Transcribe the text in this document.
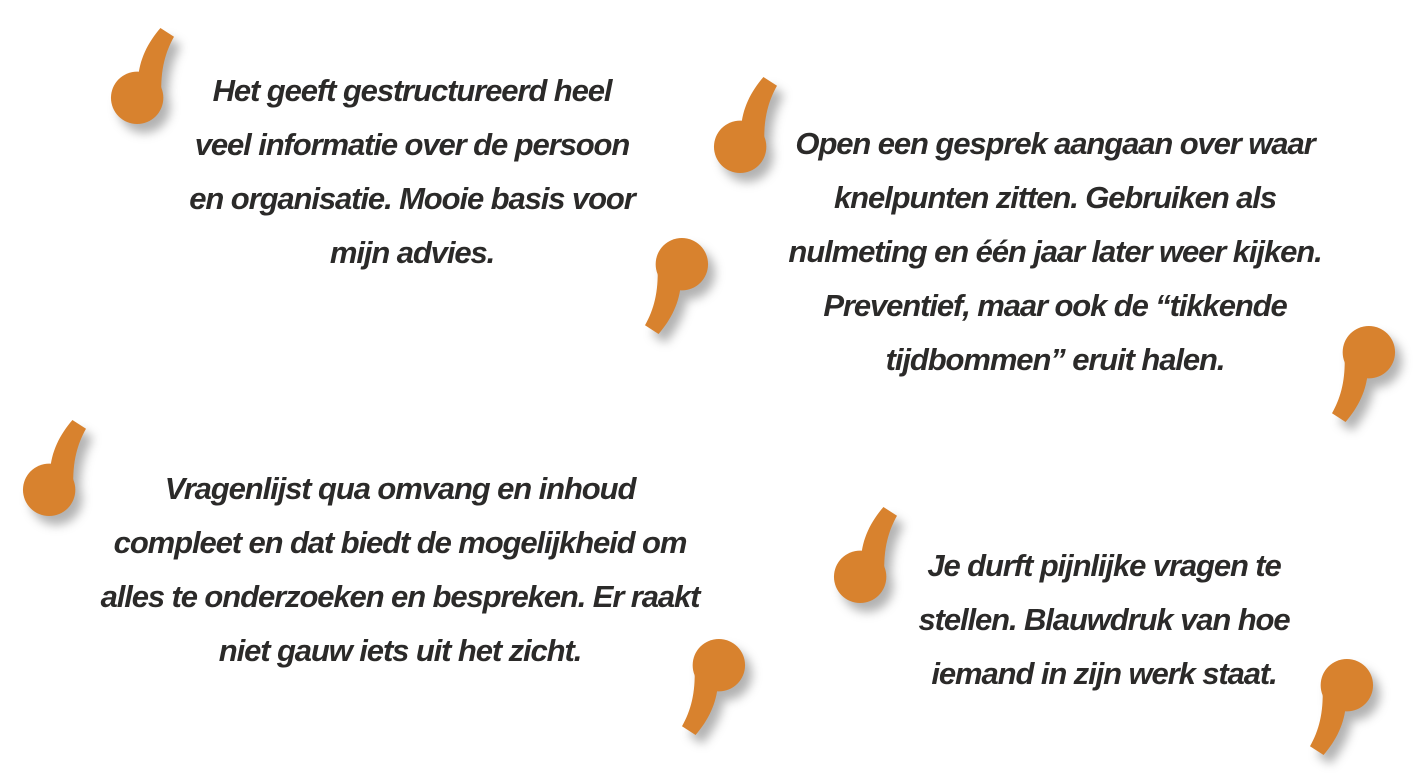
Het geeft gestructureerd heel
veel informatie over de persoon
en organisatie. Mooie basis voor
mijn advies.
Open een gesprek aangaan over waar
knelpunten zitten. Gebruiken als
nulmeting en één jaar later weer kijken.
Preventief, maar ook de “tikkende
tijdbommen” eruit halen.
Vragenlijst qua omvang en inhoud
compleet en dat biedt de mogelijkheid om
alles te onderzoeken en bespreken. Er raakt
niet gauw iets uit het zicht.
Je durft pijnlijke vragen te
stellen. Blauwdruk van hoe
iemand in zijn werk staat.
